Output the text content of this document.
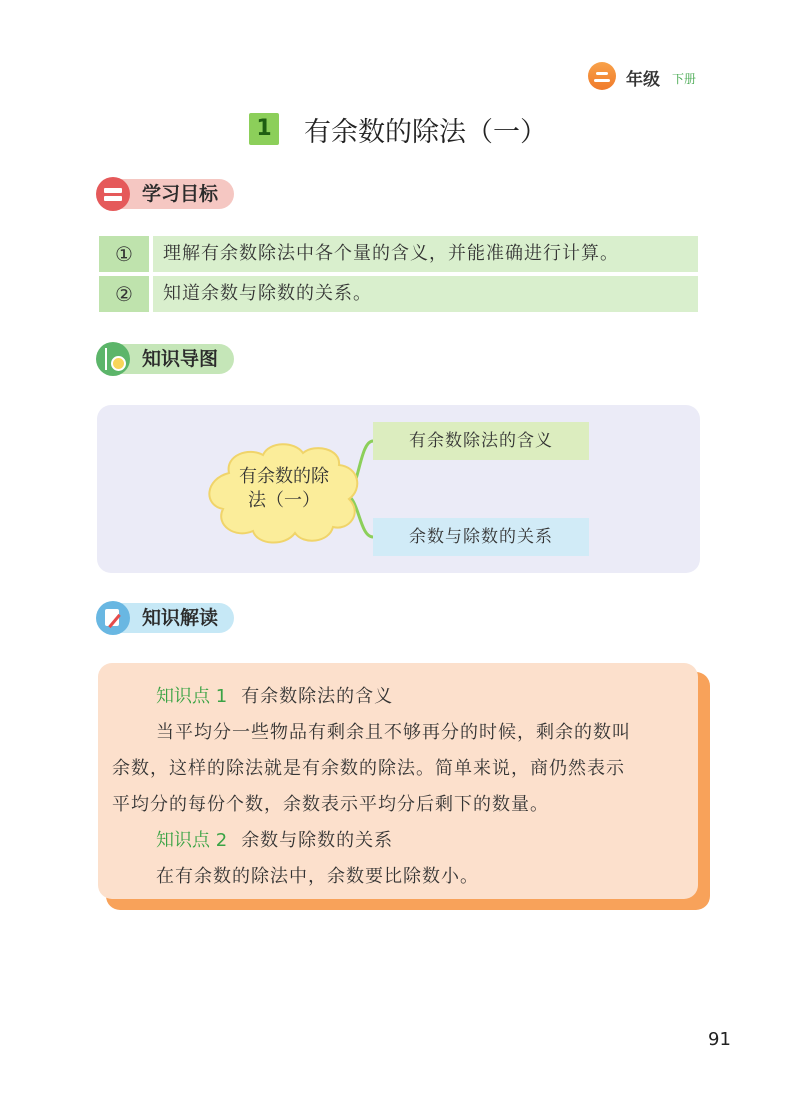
年级 下册
1 有余数的除法（一）
学习目标
①	理解有余数除法中各个量的含义，并能准确进行计算。
②	知道余数与除数的关系。
知识导图
有余数的除
法（一）
有余数除法的含义
余数与除数的关系
知识解读
知识点 1 有余数除法的含义
当平均分一些物品有剩余且不够再分的时候，剩余的数叫
余数，这样的除法就是有余数的除法。简单来说，商仍然表示
平均分的每份个数，余数表示平均分后剩下的数量。
知识点 2 余数与除数的关系
在有余数的除法中，余数要比除数小。
91
